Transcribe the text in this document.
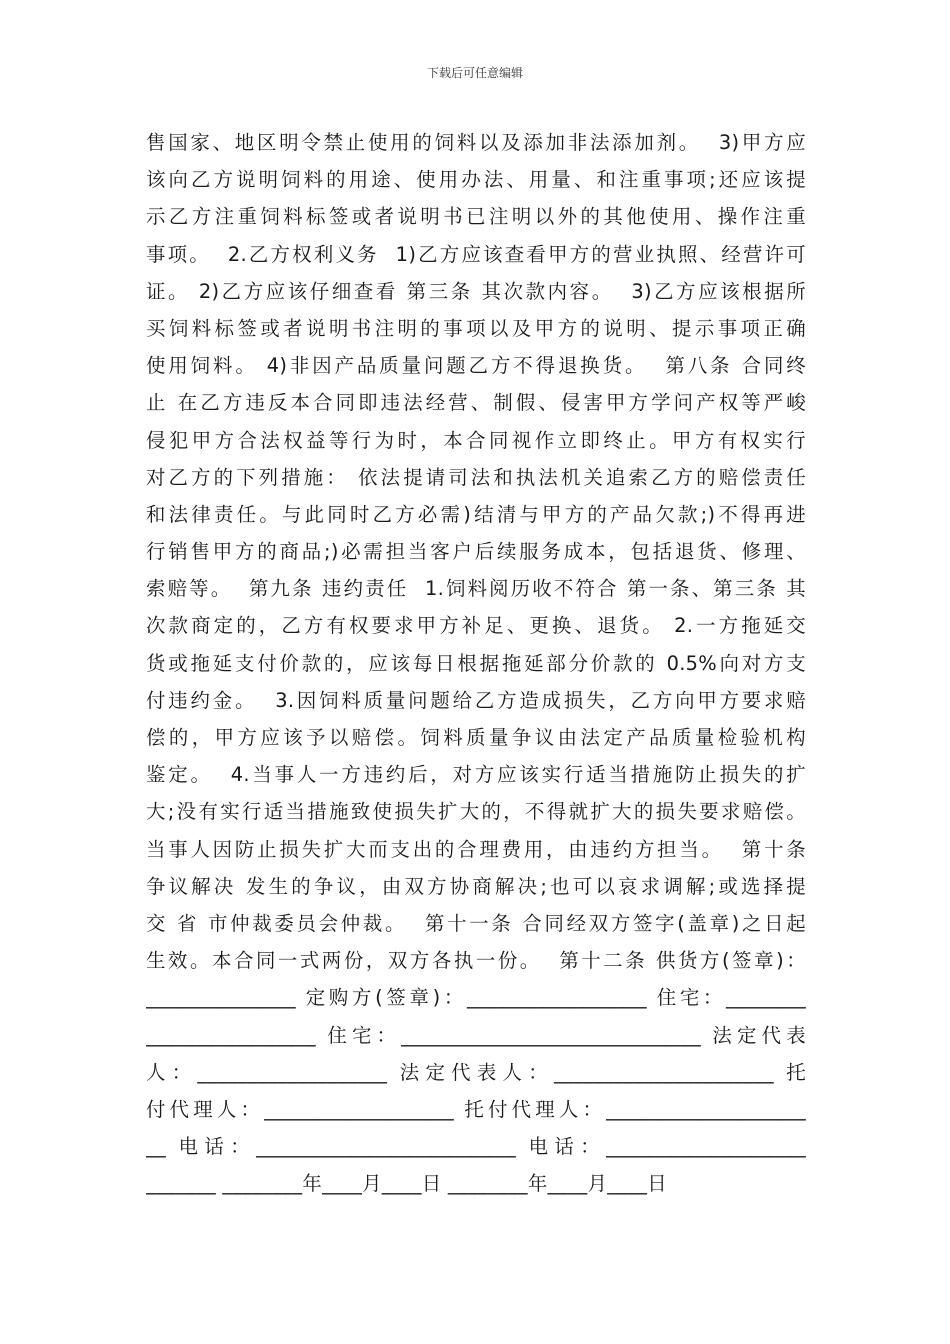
下载后可任意编辑
售国家、地区明令禁止使用的饲料以及添加非法添加剂。  3)甲方应
该向乙方说明饲料的用途、使用办法、用量、和注重事项;还应该提
示乙方注重饲料标签或者说明书已注明以外的其他使用、操作注重
事项。  2.乙方权利义务  1)乙方应该查看甲方的营业执照、经营许可
证。 2)乙方应该仔细查看 第三条 其次款内容。  3)乙方应该根据所
买饲料标签或者说明书注明的事项以及甲方的说明、提示事项正确
使用饲料。 4)非因产品质量问题乙方不得退换货。  第八条 合同终
止 在乙方违反本合同即违法经营、制假、侵害甲方学问产权等严峻
侵犯甲方合法权益等行为时，本合同视作立即终止。甲方有权实行
对乙方的下列措施： 依法提请司法和执法机关追索乙方的赔偿责任
和法律责任。与此同时乙方必需)结清与甲方的产品欠款;)不得再进
行销售甲方的商品;)必需担当客户后续服务成本，包括退货、修理、
索赔等。  第九条 违约责任  1.饲料阅历收不符合 第一条、第三条 其
次款商定的，乙方有权要求甲方补足、更换、退货。 2.一方拖延交
货或拖延支付价款的，应该每日根据拖延部分价款的 0.5%向对方支
付违约金。  3.因饲料质量问题给乙方造成损失，乙方向甲方要求赔
偿的，甲方应该予以赔偿。饲料质量争议由法定产品质量检验机构
鉴定。  4.当事人一方违约后，对方应该实行适当措施防止损失的扩
大;没有实行适当措施致使损失扩大的，不得就扩大的损失要求赔偿。
当事人因防止损失扩大而支出的合理费用，由违约方担当。  第十条
争议解决 发生的争议，由双方协商解决;也可以哀求调解;或选择提
交 省 市仲裁委员会仲裁。  第十一条 合同经双方签字(盖章)之日起
生效。本合同一式两份，双方各执一份。  第十二条 供货方(签章)：
_______________ 定购方(签章)：__________________ 住宅：________
_________________ 住宅：______________________________ 法定代表
人：___________________ 法定代表人：______________________ 托
付代理人：___________________ 托付代理人：____________________
__ 电话：__________________________ 电话：____________________
_______ ________年____月____日 ________年____月____日
